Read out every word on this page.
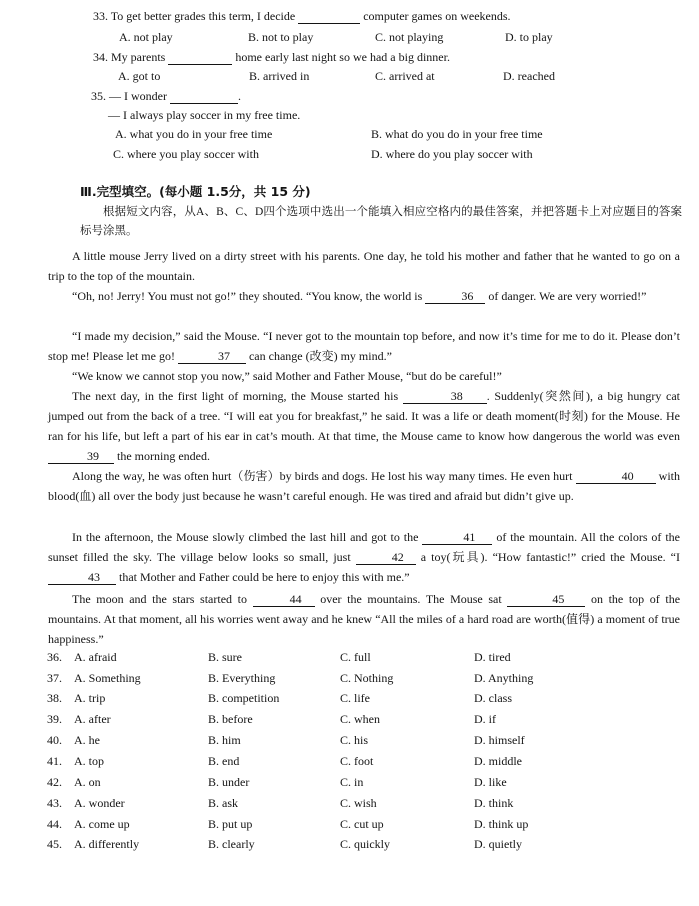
33. To get better grades this term, I decide	computer games on weekends.
A. not play	B. not to play	C. not playing	D. to play
34. My parents	home early last night so we had a big dinner.
A. got to	B. arrived in	C. arrived at	D. reached
35. — I wonder	.
— I always play soccer in my free time.
A. what you do in your free time	B. what do you do in your free time
C. where you play soccer with	D. where do you play soccer with
Ⅲ.完型填空。(每小题 1.5分，共 15 分)
根据短文内容，从A、B、C、D四个选项中选出一个能填入相应空格内的最佳答案，并把答题卡上对应题目的答案标号涂黑。
A little mouse Jerry lived on a dirty street with his parents. One day, he told his mother and father that he wanted to go on a trip to the top of the mountain.
“Oh, no! Jerry! You must not go!” they shouted. “You know, the world is	36 of danger. We are very worried!”
“I made my decision,” said the Mouse. “I never got to the mountain top before, and now it’s time for me to do it. Please don’t stop me! Please let me go!	37 can change (改变) my mind.”
“We know we cannot stop you now,” said Mother and Father Mouse, “but do be careful!”
The next day, in the first light of morning, the Mouse started his	38 . Suddenly(突然间), a big hungry cat jumped out from the back of a tree. “I will eat you for breakfast,” he said. It was a life or death moment(时刻) for the Mouse. He ran for his life, but left a part of his ear in cat’s mouth. At that time, the Mouse came to know how dangerous the world was even 39 the morning ended.
Along the way, he was often hurt（伤害）by birds and dogs. He lost his way many times. He even hurt	40 with blood(血) all over the body just because he wasn’t careful enough. He was tired and afraid but didn’t give up.
In the afternoon, the Mouse slowly climbed the last hill and got to the	41 of the mountain. All the colors of the sunset filled the sky. The village below looks so small, just	42 a toy(玩具). “How fantastic!” cried the Mouse. “I 43 that Mother and Father could be here to enjoy this with me.”
The moon and the stars started to	44 over the mountains. The Mouse sat	45 on the top of the mountains. At that moment, all his worries went away and he knew “All the miles of a hard road are worth(值得) a moment of true happiness.”
36. A. afraid	B. sure	C. full	D. tired
37. A. Something	B. Everything	C. Nothing	D. Anything
38. A. trip	B. competition	C. life	D. class
39. A. after	B. before	C. when	D. if
40. A. he	B. him	C. his	D. himself
41. A. top	B. end	C. foot	D. middle
42. A. on	B. under	C. in	D. like
43. A. wonder	B. ask	C. wish	D. think
44. A. come up	B. put up	C. cut up	D. think up
45. A. differently	B. clearly	C. quickly	D. quietly
